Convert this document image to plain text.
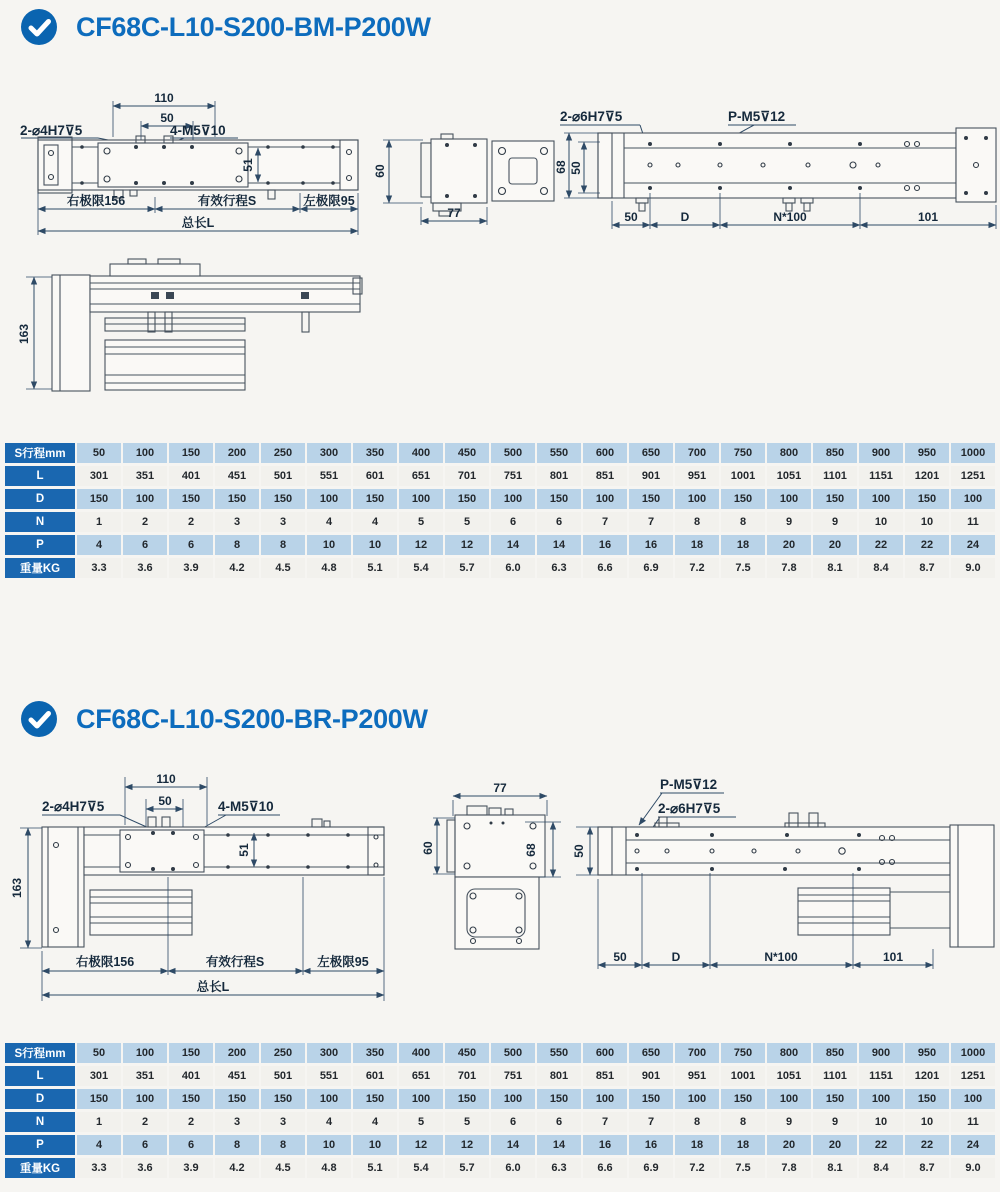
CF68C-L10-S200-BM-P200W
110
50
2-⌀4H7⊽5	4-M5⊽10
51
右极限156	有效行程S	左极限95
总长L
60
77
2-⌀6H7⊽5	P-M5⊽12
68 50
50	D	N*100	101
163
S行程mm	50	100	150	200	250	300	350	400	450	500	550	600	650	700	750	800	850	900	950	1000
L	301	351	401	451	501	551	601	651	701	751	801	851	901	951	1001	1051	1101	1151	1201	1251
D	150	100	150	150	150	100	150	100	150	100	150	100	150	100	150	100	150	100	150	100
N	1	2	2	3	3	4	4	5	5	6	6	7	7	8	8	9	9	10	10	11
P	4	6	6	8	8	10	10	12	12	14	14	16	16	18	18	20	20	22	22	24
重量KG	3.3	3.6	3.9	4.2	4.5	4.8	5.1	5.4	5.7	6.0	6.3	6.6	6.9	7.2	7.5	7.8	8.1	8.4	8.7	9.0
CF68C-L10-S200-BR-P200W
110
50
2-⌀4H7⊽5	4-M5⊽10
51
163
右极限156	有效行程S	左极限95
总长L
77
60	68
P-M5⊽12
2-⌀6H7⊽5
50
50	D	N*100	101
S行程mm	50	100	150	200	250	300	350	400	450	500	550	600	650	700	750	800	850	900	950	1000
L	301	351	401	451	501	551	601	651	701	751	801	851	901	951	1001	1051	1101	1151	1201	1251
D	150	100	150	150	150	100	150	100	150	100	150	100	150	100	150	100	150	100	150	100
N	1	2	2	3	3	4	4	5	5	6	6	7	7	8	8	9	9	10	10	11
P	4	6	6	8	8	10	10	12	12	14	14	16	16	18	18	20	20	22	22	24
重量KG	3.3	3.6	3.9	4.2	4.5	4.8	5.1	5.4	5.7	6.0	6.3	6.6	6.9	7.2	7.5	7.8	8.1	8.4	8.7	9.0
